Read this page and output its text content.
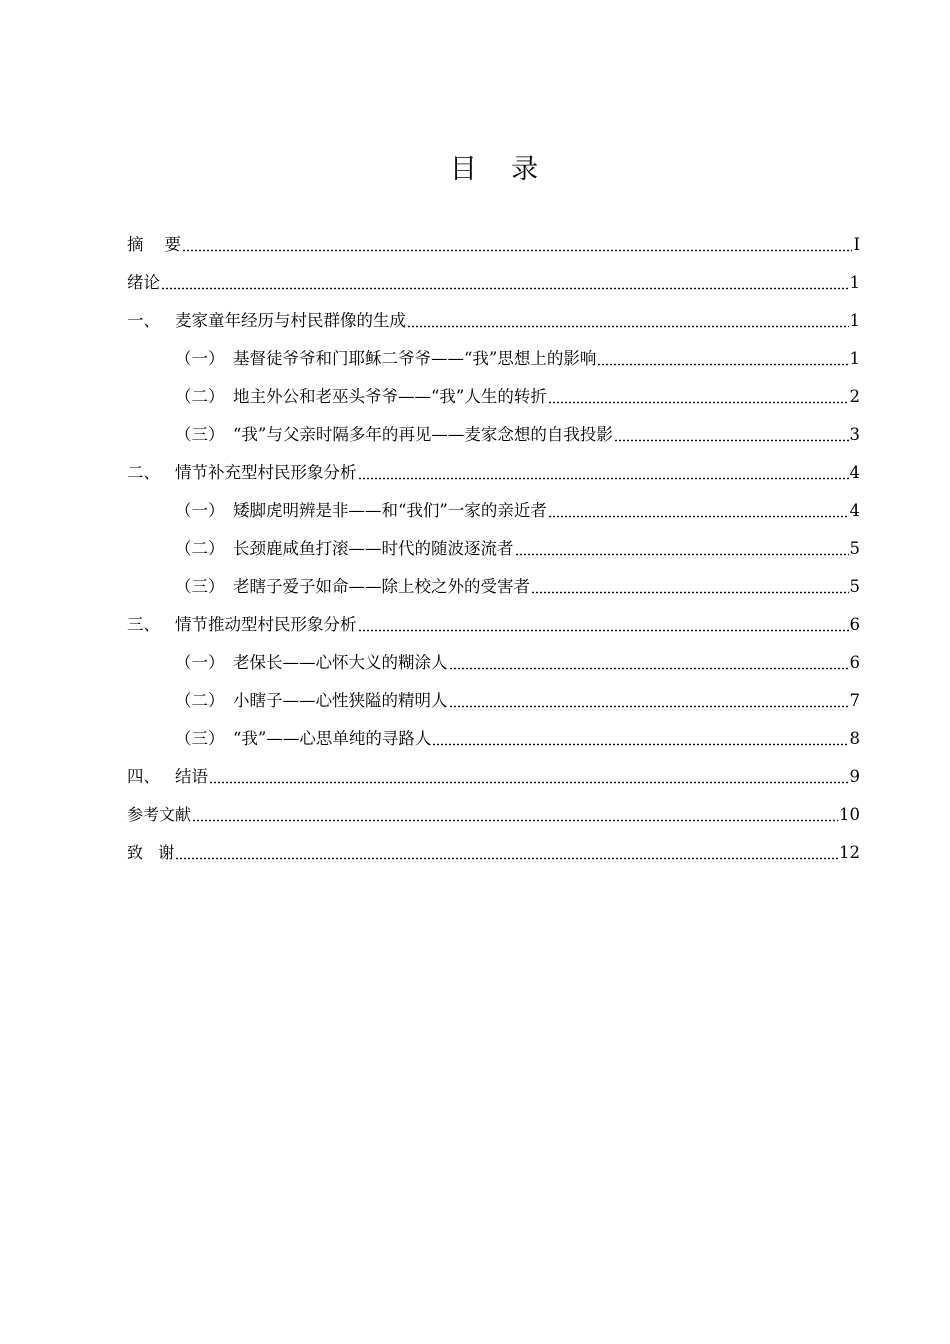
目    录
摘    要	I
绪论	1
一、 麦家童年经历与村民群像的生成	1
（一） 基督徒爷爷和门耶稣二爷爷——“我”思想上的影响	1
（二） 地主外公和老巫头爷爷——“我”人生的转折	2
（三） “我”与父亲时隔多年的再见——麦家念想的自我投影	3
二、 情节补充型村民形象分析	4
（一） 矮脚虎明辨是非——和“我们”一家的亲近者	4
（二） 长颈鹿咸鱼打滚——时代的随波逐流者	5
（三） 老瞎子爱子如命——除上校之外的受害者	5
三、 情节推动型村民形象分析	6
（一） 老保长——心怀大义的糊涂人	6
（二） 小瞎子——心性狭隘的精明人	7
（三） “我”——心思单纯的寻路人	8
四、 结语	9
参考文献	10
致   谢	12
